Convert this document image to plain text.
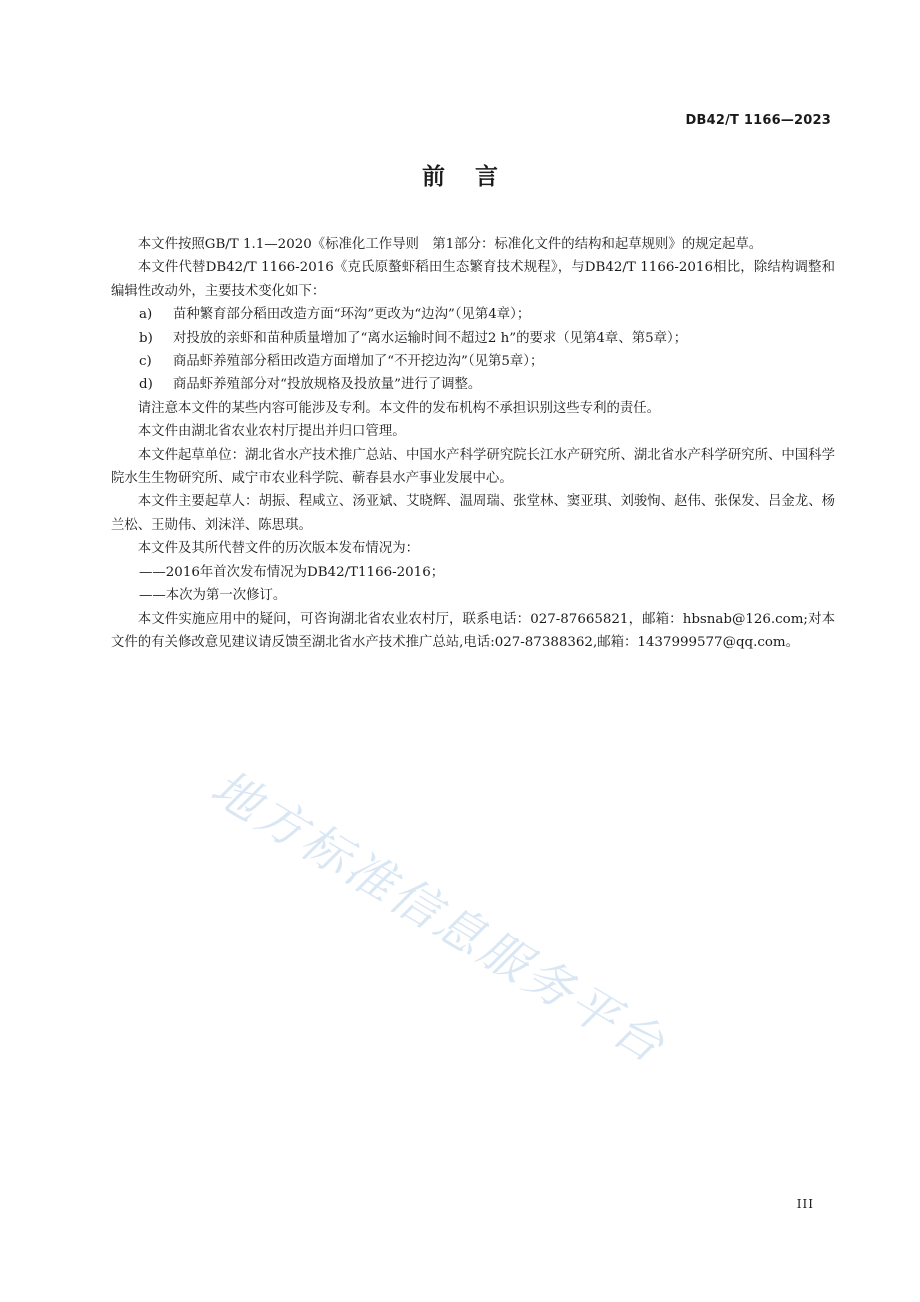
DB42/T 1166—2023
前言

本文件按照GB/T 1.1—2020《标准化工作导则　第1部分：标准化文件的结构和起草规则》的规定起草。

本文件代替DB42/T 1166-2016《克氏原螯虾稻田生态繁育技术规程》，与DB42/T 1166-2016相比，除结构调整和编辑性改动外，主要技术变化如下：

a)	苗种繁育部分稻田改造方面“环沟”更改为“边沟”（见第4章）；
b)	对投放的亲虾和苗种质量增加了“离水运输时间不超过2 h”的要求（见第4章、第5章）；
c)	商品虾养殖部分稻田改造方面增加了“不开挖边沟”（见第5章）；
d)	商品虾养殖部分对“投放规格及投放量”进行了调整。

请注意本文件的某些内容可能涉及专利。本文件的发布机构不承担识别这些专利的责任。

本文件由湖北省农业农村厅提出并归口管理。

本文件起草单位：湖北省水产技术推广总站、中国水产科学研究院长江水产研究所、湖北省水产科学研究所、中国科学院水生生物研究所、咸宁市农业科学院、蕲春县水产事业发展中心。

本文件主要起草人：胡振、程咸立、汤亚斌、艾晓辉、温周瑞、张堂林、窦亚琪、刘骏恂、赵伟、张保发、吕金龙、杨兰松、王勋伟、刘沫洋、陈思琪。

本文件及其所代替文件的历次版本发布情况为：

——2016年首次发布情况为DB42/T1166-2016；

——本次为第一次修订。

本文件实施应用中的疑问，可咨询湖北省农业农村厅，联系电话：027-87665821，邮箱：hbsnab@126.com;对本文件的有关修改意见建议请反馈至湖北省水产技术推广总站,电话:027-87388362,邮箱：1437999577@qq.com。

地方标准信息服务平台
III
